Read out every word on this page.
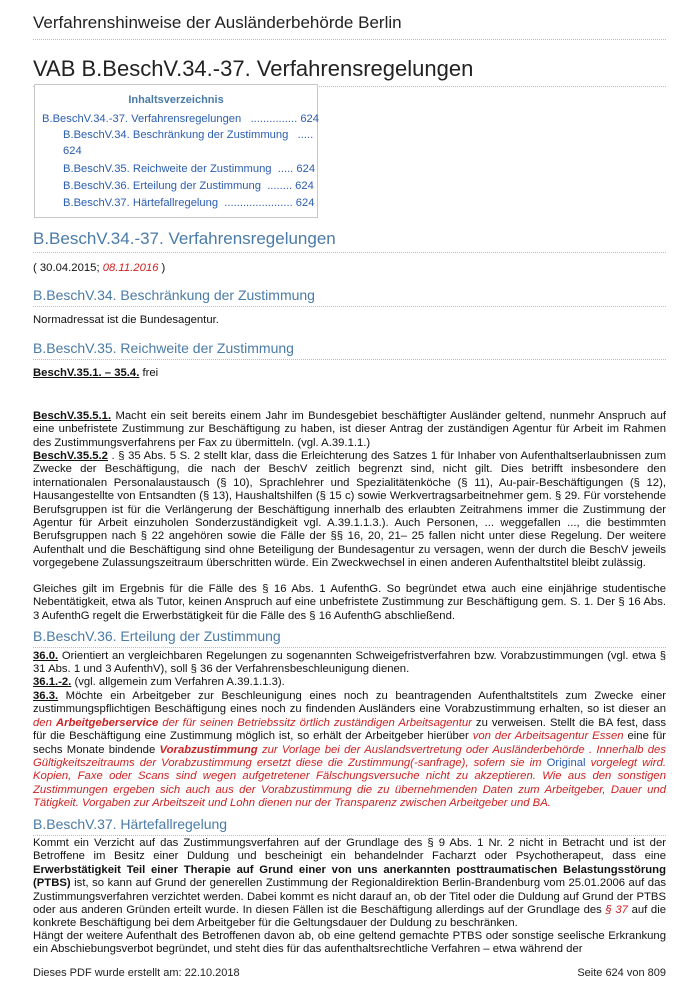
Verfahrenshinweise der Ausländerbehörde Berlin
VAB B.BeschV.34.-37. Verfahrensregelungen
Inhaltsverzeichnis
B.BeschV.34.-37. Verfahrensregelungen ............... 624
B.BeschV.34. Beschränkung der Zustimmung .....
624
B.BeschV.35. Reichweite der Zustimmung ..... 624
B.BeschV.36. Erteilung der Zustimmung ........ 624
B.BeschV.37. Härtefallregelung ...................... 624
B.BeschV.34.-37. Verfahrensregelungen
( 30.04.2015; 08.11.2016 )
B.BeschV.34. Beschränkung der Zustimmung
Normadressat ist die Bundesagentur.
B.BeschV.35. Reichweite der Zustimmung
BeschV.35.1. – 35.4. frei
BeschV.35.5.1. Macht ein seit bereits einem Jahr im Bundesgebiet beschäftigter Ausländer geltend, nunmehr Anspruch auf eine unbefristete Zustimmung zur Beschäftigung zu haben, ist dieser Antrag der zuständigen Agentur für Arbeit im Rahmen des Zustimmungsverfahrens per Fax zu übermitteln. (vgl. A.39.1.1.)
BeschV.35.5.2 . § 35 Abs. 5 S. 2 stellt klar, dass die Erleichterung des Satzes 1 für Inhaber von Aufenthaltserlaubnissen zum Zwecke der Beschäftigung, die nach der BeschV zeitlich begrenzt sind, nicht gilt. Dies betrifft insbesondere den internationalen Personalaustausch (§ 10), Sprachlehrer und Spezialitätenköche (§ 11), Au-pair-Beschäftigungen (§ 12), Hausangestellte von Entsandten (§ 13), Haushaltshilfen (§ 15 c) sowie Werkvertragsarbeitnehmer gem. § 29. Für vorstehende Berufsgruppen ist für die Verlängerung der Beschäftigung innerhalb des erlaubten Zeitrahmens immer die Zustimmung der Agentur für Arbeit einzuholen Sonderzuständigkeit vgl. A.39.1.1.3.). Auch Personen, ... weggefallen ..., die bestimmten Berufsgruppen nach § 22 angehören sowie die Fälle der §§ 16, 20, 21– 25 fallen nicht unter diese Regelung. Der weitere Aufenthalt und die Beschäftigung sind ohne Beteiligung der Bundesagentur zu versagen, wenn der durch die BeschV jeweils vorgegebene Zulassungszeitraum überschritten würde. Ein Zweckwechsel in einen anderen Aufenthaltstitel bleibt zulässig.
Gleiches gilt im Ergebnis für die Fälle des § 16 Abs. 1 AufenthG. So begründet etwa auch eine einjährige studentische Nebentätigkeit, etwa als Tutor, keinen Anspruch auf eine unbefristete Zustimmung zur Beschäftigung gem. S. 1. Der § 16 Abs. 3 AufenthG regelt die Erwerbstätigkeit für die Fälle des § 16 AufenthG abschließend.
B.BeschV.36. Erteilung der Zustimmung
36.0. Orientiert an vergleichbaren Regelungen zu sogenannten Schweigefristverfahren bzw. Vorabzustimmungen (vgl. etwa § 31 Abs. 1 und 3 AufenthV), soll § 36 der Verfahrensbeschleunigung dienen.
36.1.-2. (vgl. allgemein zum Verfahren A.39.1.1.3).
36.3. Möchte ein Arbeitgeber zur Beschleunigung eines noch zu beantragenden Aufenthaltstitels zum Zwecke einer zustimmungspflichtigen Beschäftigung eines noch zu findenden Ausländers eine Vorabzustimmung erhalten, so ist dieser an den Arbeitgeberservice der für seinen Betriebssitz örtlich zuständigen Arbeitsagentur zu verweisen. Stellt die BA fest, dass für die Beschäftigung eine Zustimmung möglich ist, so erhält der Arbeitgeber hierüber von der Arbeitsagentur Essen eine für sechs Monate bindende Vorabzustimmung zur Vorlage bei der Auslandsvertretung oder Ausländerbehörde . Innerhalb des Gültigkeitszeitraums der Vorabzustimmung ersetzt diese die Zustimmung(-sanfrage), sofern sie im Original vorgelegt wird. Kopien, Faxe oder Scans sind wegen aufgetretener Fälschungsversuche nicht zu akzeptieren. Wie aus den sonstigen Zustimmungen ergeben sich auch aus der Vorabzustimmung die zu übernehmenden Daten zum Arbeitgeber, Dauer und Tätigkeit. Vorgaben zur Arbeitszeit und Lohn dienen nur der Transparenz zwischen Arbeitgeber und BA.
B.BeschV.37. Härtefallregelung
Kommt ein Verzicht auf das Zustimmungsverfahren auf der Grundlage des § 9 Abs. 1 Nr. 2 nicht in Betracht und ist der Betroffene im Besitz einer Duldung und bescheinigt ein behandelnder Facharzt oder Psychotherapeut, dass eine Erwerbstätigkeit Teil einer Therapie auf Grund einer von uns anerkannten posttraumatischen Belastungsstörung (PTBS) ist, so kann auf Grund der generellen Zustimmung der Regionaldirektion Berlin-Brandenburg vom 25.01.2006 auf das Zustimmungsverfahren verzichtet werden. Dabei kommt es nicht darauf an, ob der Titel oder die Duldung auf Grund der PTBS oder aus anderen Gründen erteilt wurde. In diesen Fällen ist die Beschäftigung allerdings auf der Grundlage des § 37 auf die konkrete Beschäftigung bei dem Arbeitgeber für die Geltungsdauer der Duldung zu beschränken.
Hängt der weitere Aufenthalt des Betroffenen davon ab, ob eine geltend gemachte PTBS oder sonstige seelische Erkrankung ein Abschiebungsverbot begründet, und steht dies für das aufenthaltsrechtliche Verfahren – etwa während der
Dieses PDF wurde erstellt am: 22.10.2018	Seite 624 von 809
